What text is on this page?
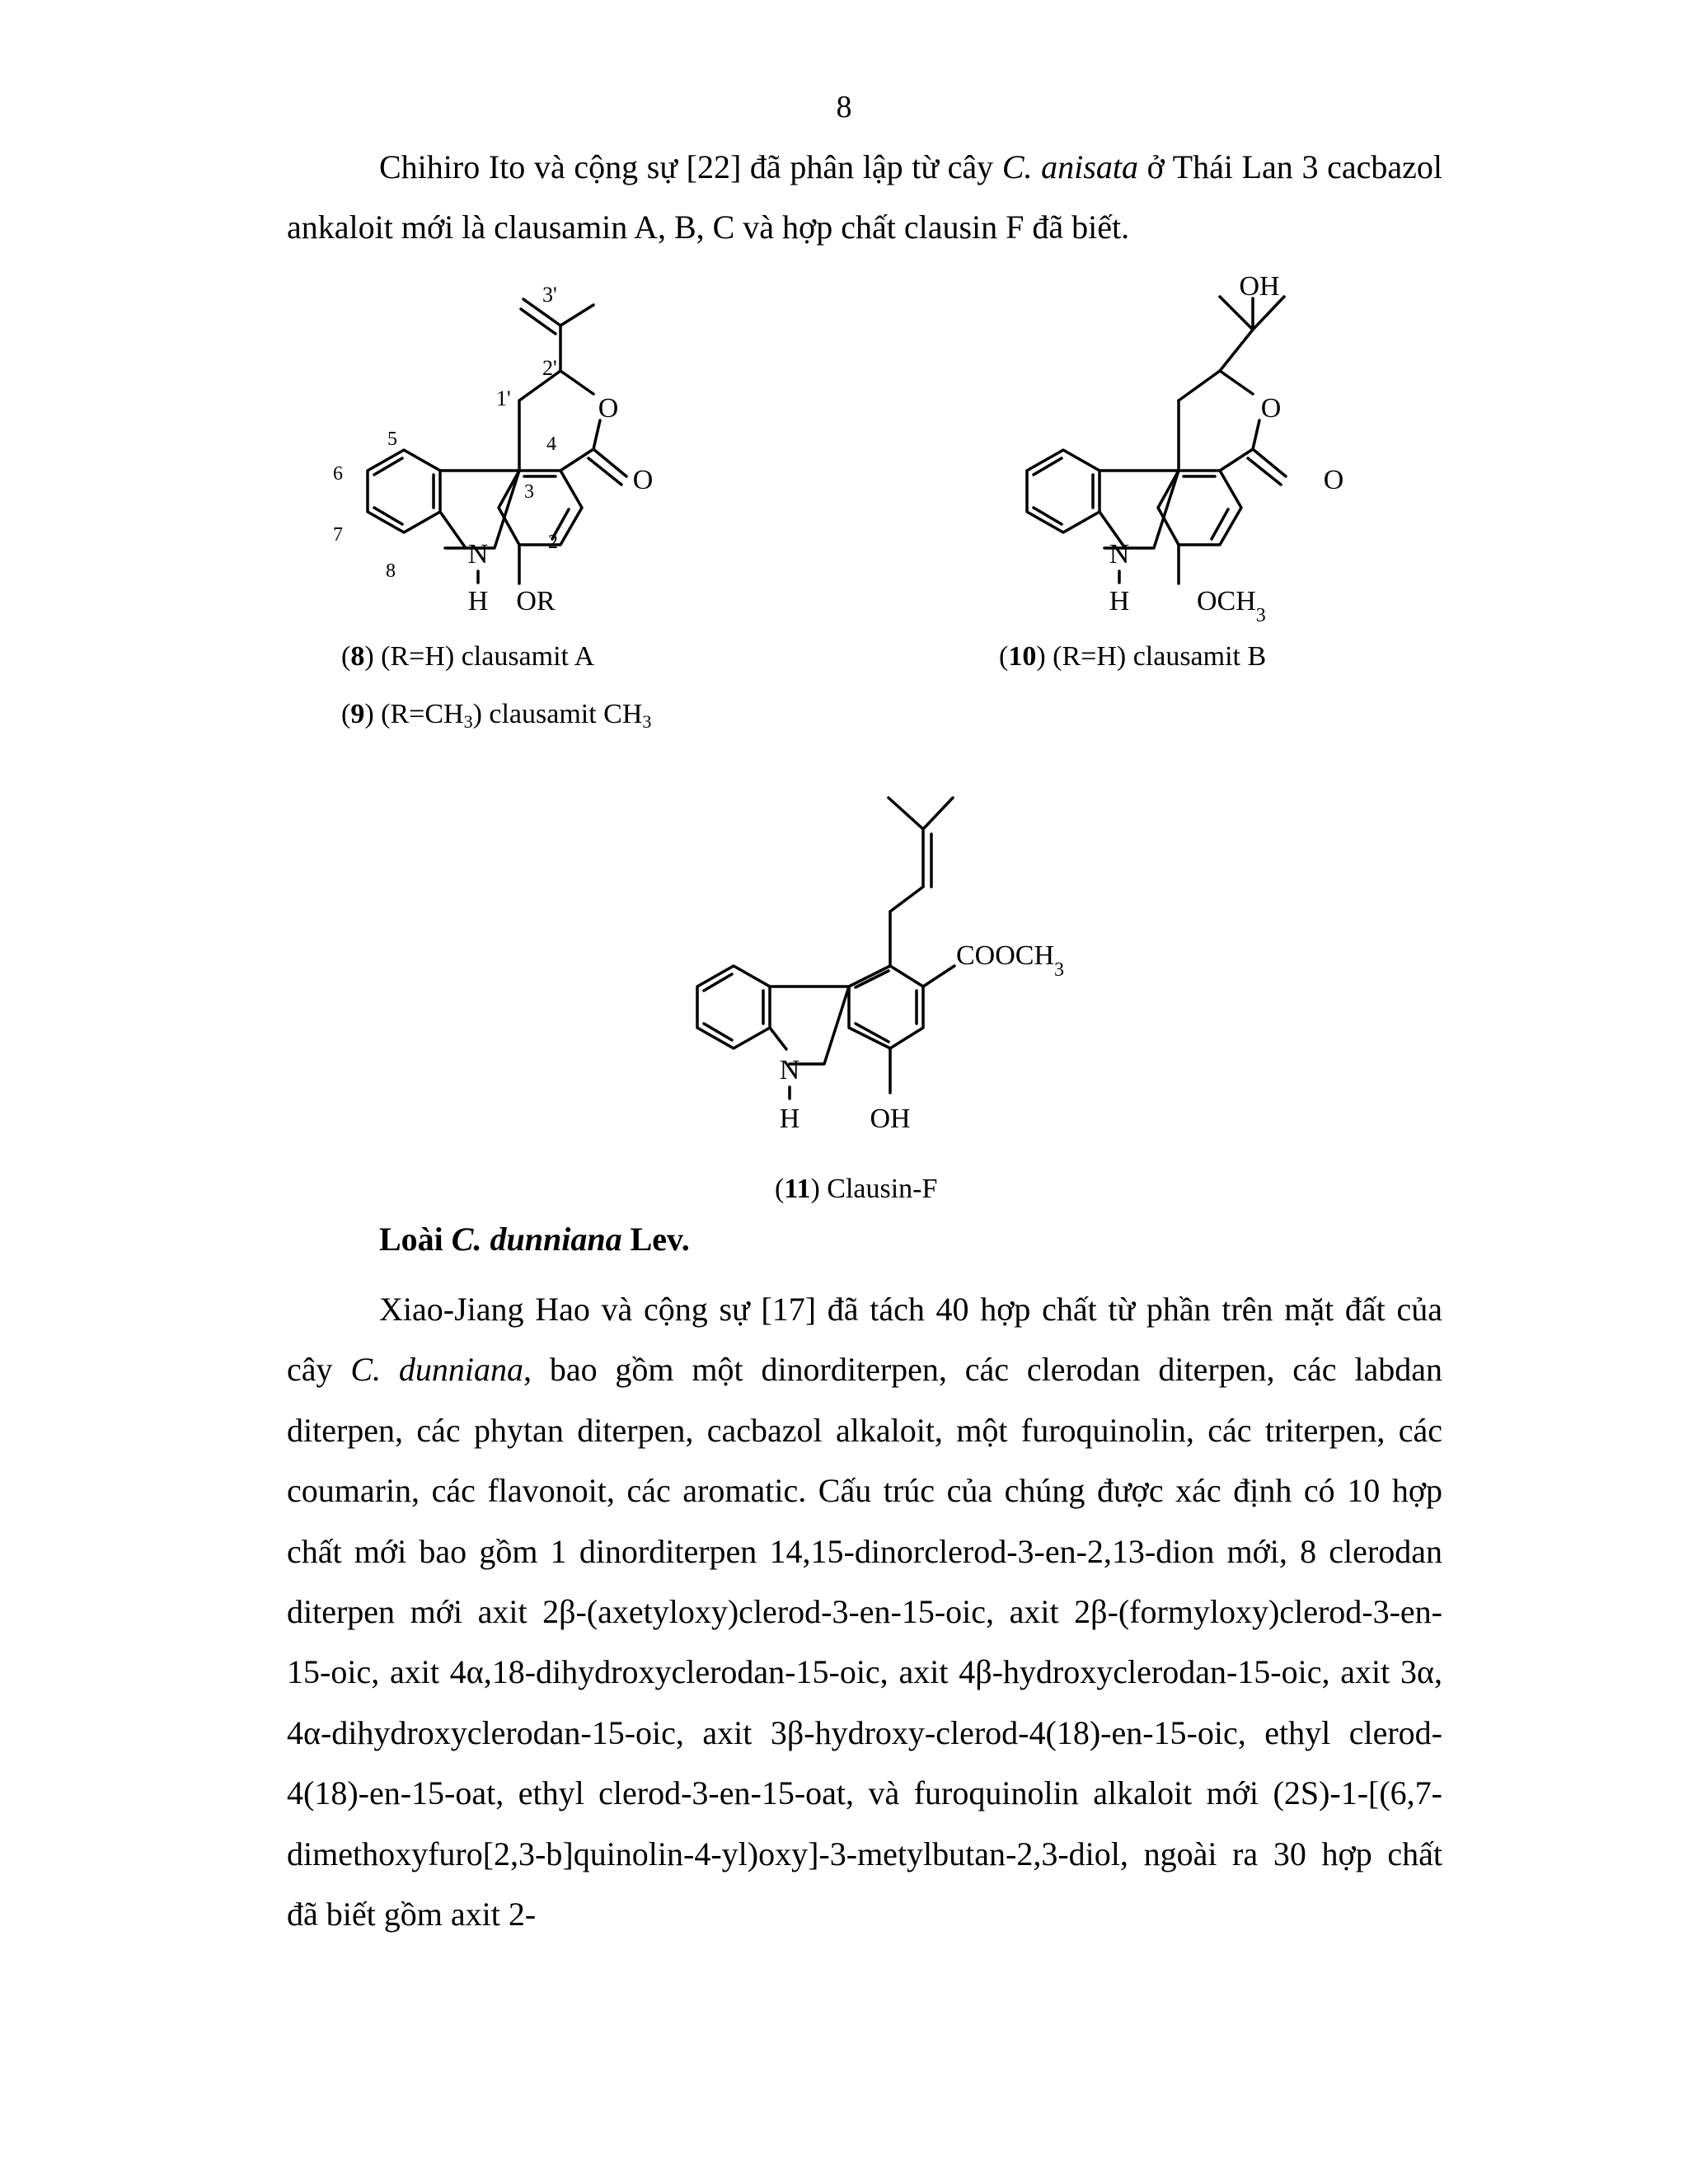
8

Chihiro Ito và cộng sự [22] đã phân lập từ cây C. anisata ở Thái Lan 3 cacbazol ankaloit mới là clausamin A, B, C và hợp chất clausin F đã biết.

N
H
O
O
OR
3'
2'
1'
2
3
4
5
6
7
8
(8) (R=H) clausamit A
(9) $(R=CH_3)$ clausamit $CH_3$
N
H
OH
O
O
$OCH_3$
(10) (R=H) clausamit B
N
H
$COOCH_3$
OH
(11) Clausin-F

Loài C. dunniana Lev.

Xiao-Jiang Hao và cộng sự [17] đã tách 40 hợp chất từ phần trên mặt đất của cây C. dunniana, bao gồm một dinorditerpen, các clerodan diterpen, các labdan diterpen, các phytan diterpen, cacbazol alkaloit, một furoquinolin, các triterpen, các coumarin, các flavonoit, các aromatic. Cấu trúc của chúng được xác định có 10 hợp chất mới bao gồm 1 dinorditerpen 14,15-dinorclerod-3-en-2,13-dion mới, 8 clerodan diterpen mới axit 2β-(axetyloxy)clerod-3-en-15-oic, axit 2β-(formyloxy)clerod-3-en-15-oic, axit 4α,18-dihydroxyclerodan-15-oic, axit 4β-hydroxyclerodan-15-oic, axit 3α, 4α-dihydroxyclerodan-15-oic, axit 3β-hydroxy-clerod-4(18)-en-15-oic, ethyl clerod-4(18)-en-15-oat, ethyl clerod-3-en-15-oat, và furoquinolin alkaloit mới (2S)-1-[(6,7-dimethoxyfuro[2,3-b]quinolin-4-yl)oxy]-3-metylbutan-2,3-diol, ngoài ra 30 hợp chất đã biết gồm axit 2-
